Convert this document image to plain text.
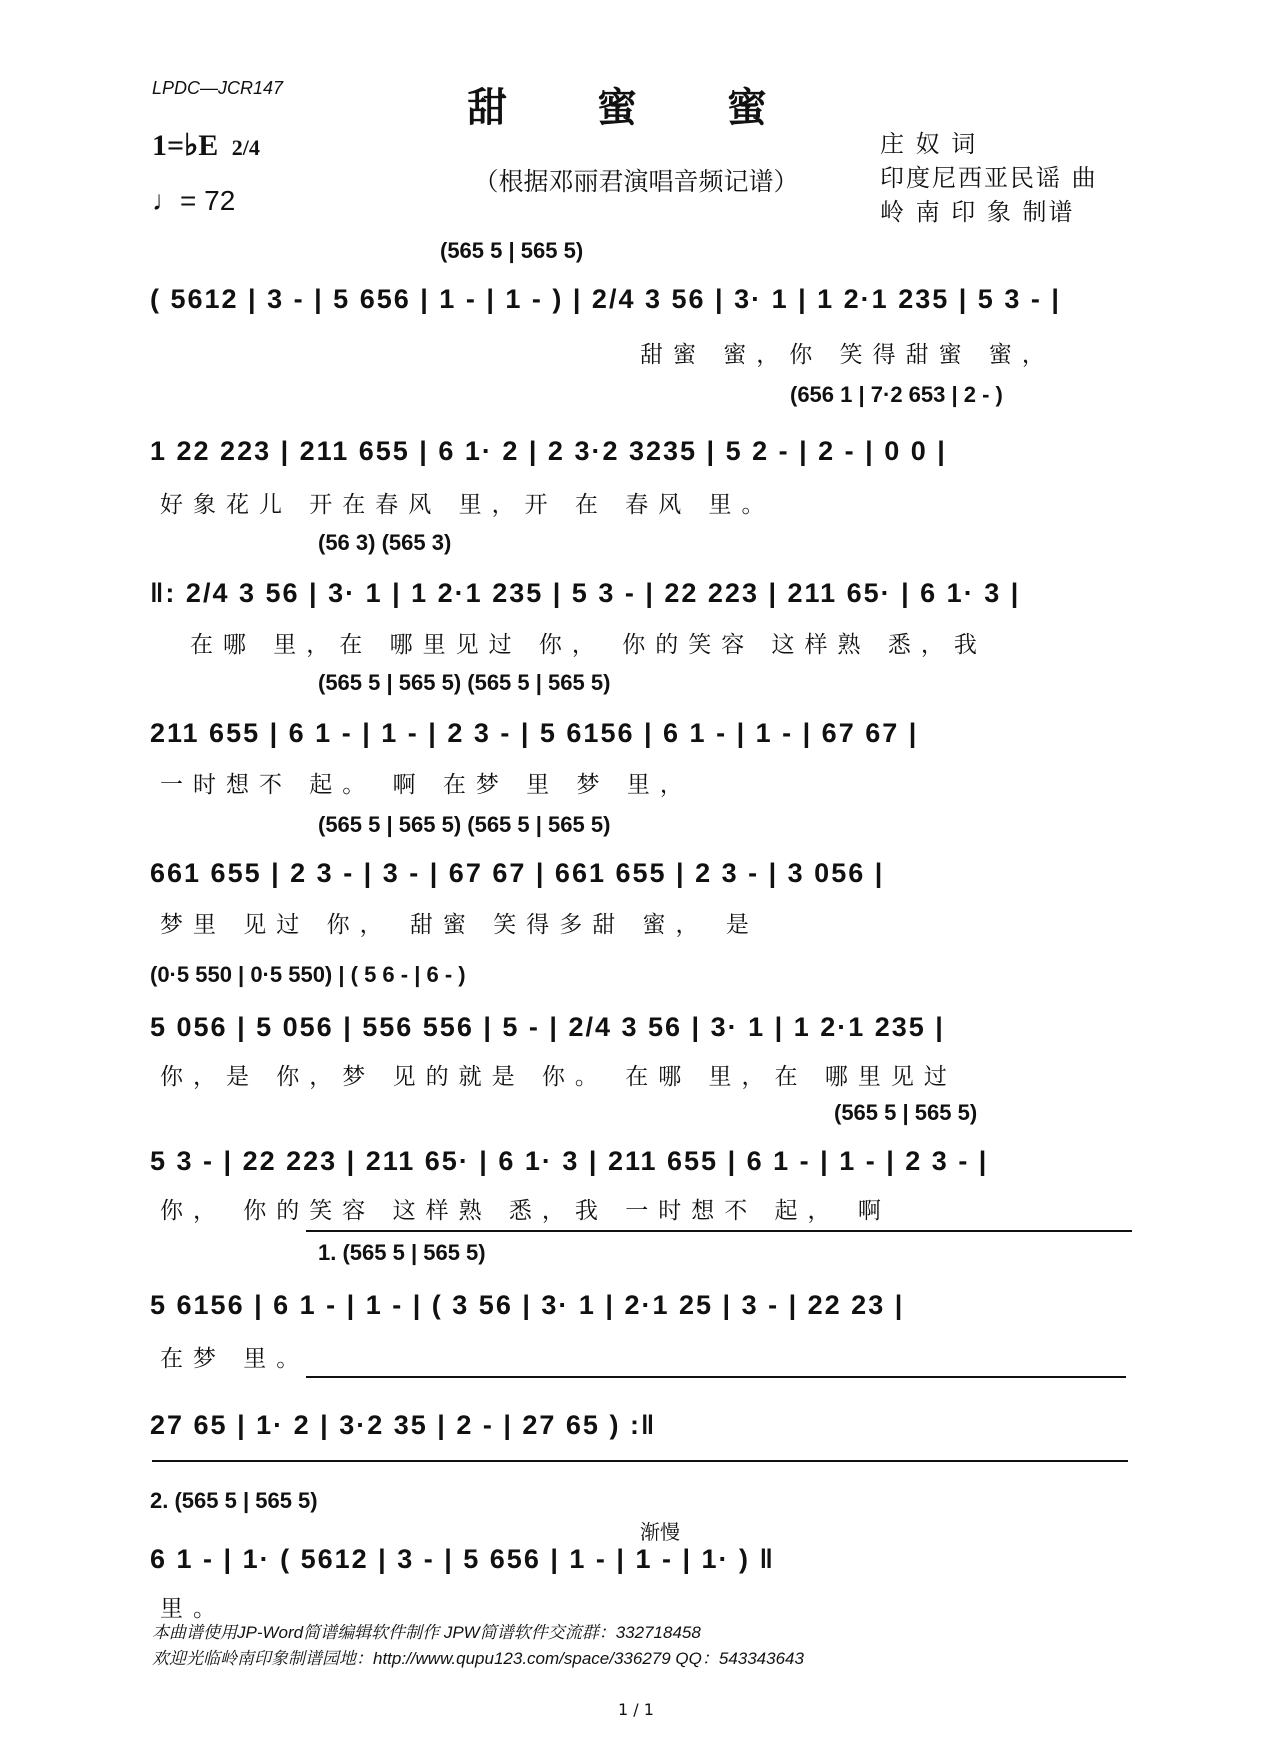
LPDC—JCR147	甜 蜜 蜜
（根据邓丽君演唱音频记谱）
1=♭E 2/4
♩= 72
庄 奴 词
印度尼西亚民谣 曲
岭 南 印 象 制谱
(565 5 | 565 5)
( 5612 | 3 - | 5 656 | 1 - | 1 - ) | 2/4 3 56 | 3· 1 | 1 2·1 235 | 5 3 - |
甜蜜 蜜，你 笑得甜蜜 蜜，
(656 1 | 7·2 653 | 2 - )
1 22 223 | 211 655 | 6 1· 2 | 2 3·2 3235 | 5 2 - | 2 - | 0 0 |
好象花儿 开在春风 里，开 在 春风 里。
(56 3) (565 3)
‖: 2/4 3 56 | 3· 1 | 1 2·1 235 | 5 3 - | 22 223 | 211 65· | 6 1· 3 |
在哪 里，在 哪里见过 你， 你的笑容 这样熟 悉，我
(565 5 | 565 5) (565 5 | 565 5)
211 655 | 6 1 - | 1 - | 2 3 - | 5 6156 | 6 1 - | 1 - | 67 67 |
一时想不 起。 啊 在梦 里 梦 里，
(565 5 | 565 5) (565 5 | 565 5)
661 655 | 2 3 - | 3 - | 67 67 | 661 655 | 2 3 - | 3 056 |
梦里 见过 你， 甜蜜 笑得多甜 蜜， 是
(0·5 550 | 0·5 550) | ( 5 6 - | 6 - )
5 056 | 5 056 | 556 556 | 5 - | 2/4 3 56 | 3· 1 | 1 2·1 235 |
你，是 你，梦 见的就是 你。 在哪 里，在 哪里见过
(565 5 | 565 5)
5 3 - | 22 223 | 211 65· | 6 1· 3 | 211 655 | 6 1 - | 1 - | 2 3 - |
你， 你的笑容 这样熟 悉，我 一时想不 起， 啊
1. (565 5 | 565 5)
5 6156 | 6 1 - | 1 - | ( 3 56 | 3· 1 | 2·1 25 | 3 - | 22 23 |
在梦 里。
27 65 | 1· 2 | 3·2 35 | 2 - | 27 65 ) :‖
2. (565 5 | 565 5)
渐慢
6 1 - | 1· ( 5612 | 3 - | 5 656 | 1 - | 1 - | 1· ) ‖
里。
本曲谱使用JP-Word简谱编辑软件制作 JPW简谱软件交流群：332718458
欢迎光临岭南印象制谱园地：http://www.qupu123.com/space/336279 QQ：543343643
1 / 1
